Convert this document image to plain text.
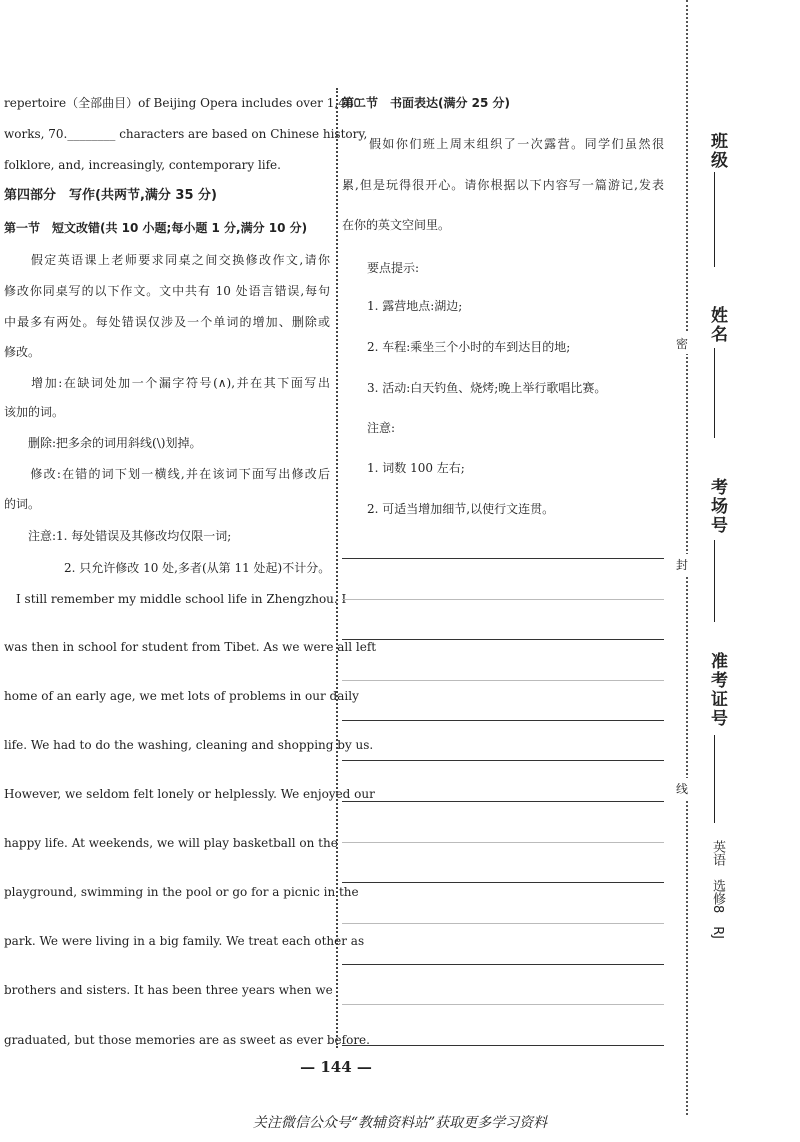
repertoire（全部曲目）of Beijing Opera includes over 1,400
works, 70.________ characters are based on Chinese history,
folklore, and, increasingly, contemporary life.
第四部分　写作(共两节,满分 35 分)
第一节　短文改错(共 10 小题;每小题 1 分,满分 10 分)
　　假定英语课上老师要求同桌之间交换修改作文,请你
修改你同桌写的以下作文。文中共有 10 处语言错误,每句
中最多有两处。每处错误仅涉及一个单词的增加、删除或
修改。
　　增加:在缺词处加一个漏字符号(∧),并在其下面写出
该加的词。
　　删除:把多余的词用斜线(\)划掉。
　　修改:在错的词下划一横线,并在该词下面写出修改后
的词。
　　注意:1. 每处错误及其修改均仅限一词;
　　　　　2. 只允许修改 10 处,多者(从第 11 处起)不计分。
　I still remember my middle school life in Zhengzhou. I
was then in school for student from Tibet. As we were all left
home of an early age, we met lots of problems in our daily
life. We had to do the washing, cleaning and shopping by us.
However, we seldom felt lonely or helplessly. We enjoyed our
happy life. At weekends, we will play basketball on the
playground, swimming in the pool or go for a picnic in the
park. We were living in a big family. We treat each other as
brothers and sisters. It has been three years when we
graduated, but those memories are as sweet as ever before.
第二节　书面表达(满分 25 分)
　　假如你们班上周末组织了一次露营。同学们虽然很
累,但是玩得很开心。请你根据以下内容写一篇游记,发表
在你的英文空间里。
要点提示:
1. 露营地点:湖边;
2. 车程:乘坐三个小时的车到达目的地;
3. 活动:白天钓鱼、烧烤;晚上举行歌唱比赛。
注意:
1. 词数 100 左右;
2. 可适当增加细节,以使行文连贯。
班级
姓名
考场号
准考证号
密
封
线
英语　选修8　RJ
— 144 —
关注微信公众号“教辅资料站”获取更多学习资料
